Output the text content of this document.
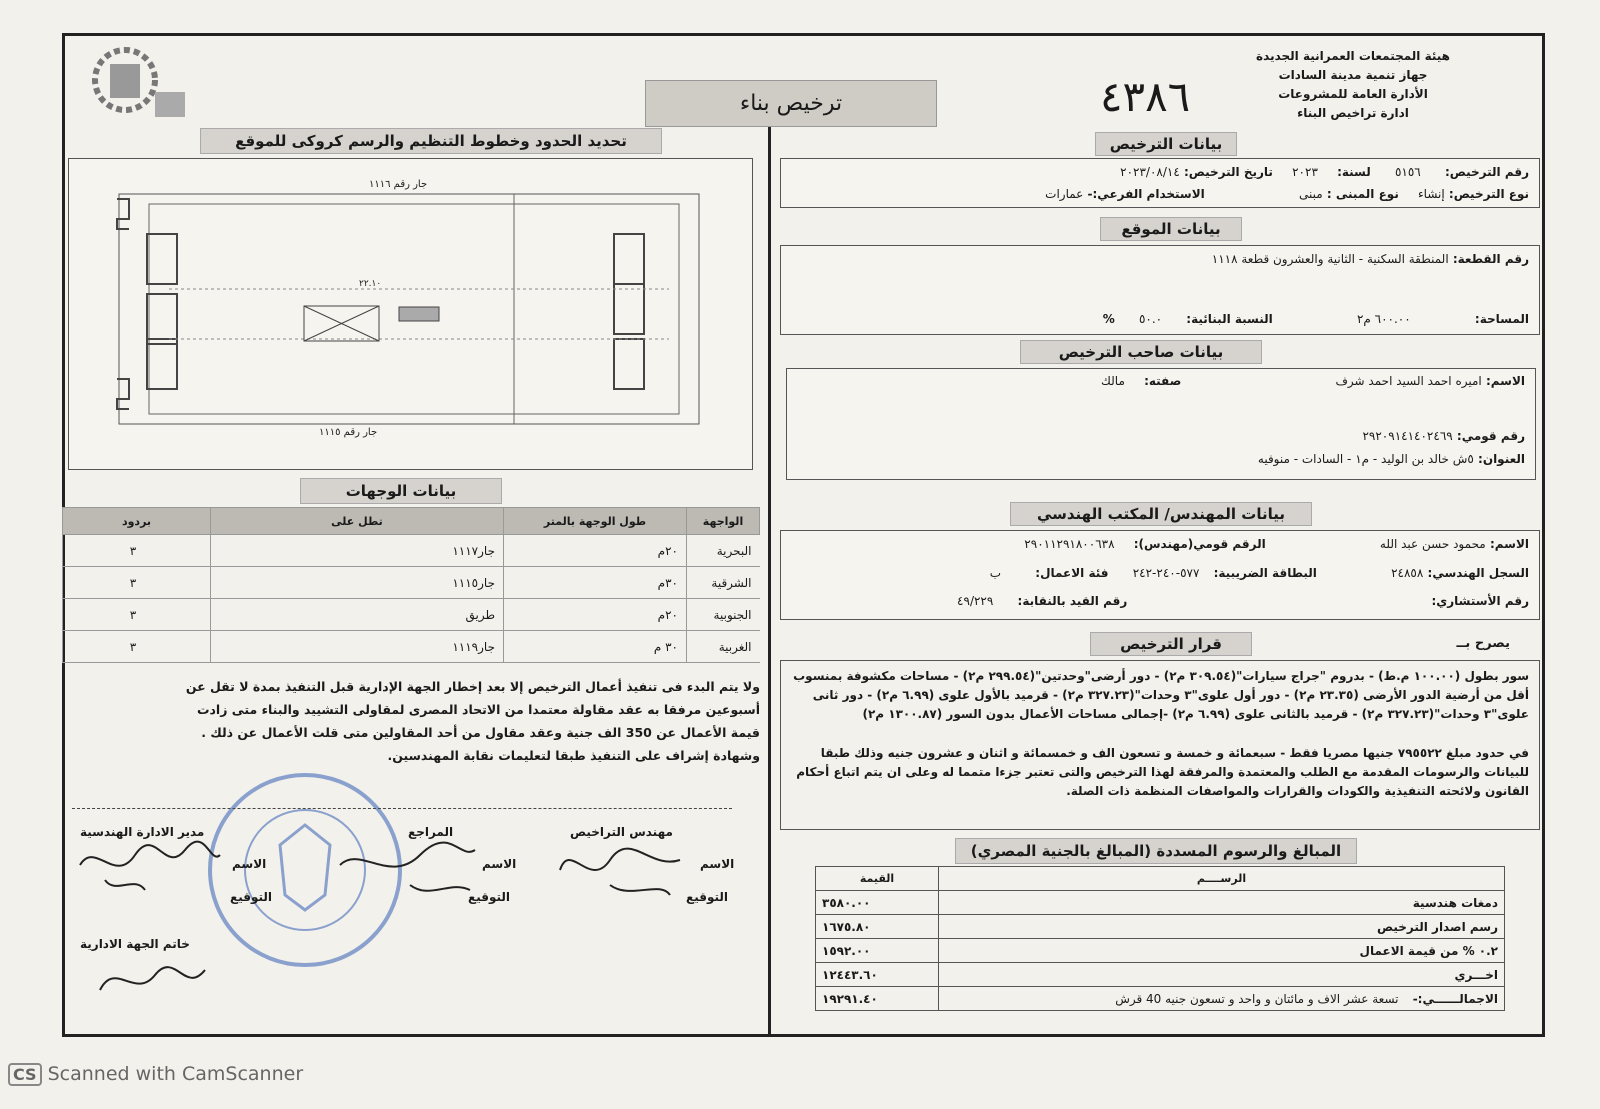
هيئة المجتمعات العمرانية الجديدة
جهاز تنمية مدينة السادات
الأدارة العامة للمشروعات
ادارة تراخيص البناء
٤٣٨٦
ترخيص بناء
تحديد الحدود وخطوط التنظيم والرسم كروكى للموقع
جار رقم ١١١٦
جار رقم ١١١٥
٢٢.١٠
بيانات الوجهات
الواجهة	طول الوجهة بالمتر	تطل على	بردود
البحرية	٢٠م	جار١١١٧	٣
الشرقية	٣٠م	جار١١١٥	٣
الجنوبية	٢٠م	طريق	٣
الغربية	٣٠ م	جار١١١٩	٣
ولا يتم البدء فى تنفيذ أعمال الترخيص إلا بعد إخطار الجهة الإدارية قبل التنفيذ بمدة لا تقل عن أسبوعين مرفقا به عقد مقاولة معتمدا من الاتحاد المصرى لمقاولى التشييد والبناء متى زادت قيمة الأعمال عن 350 الف جنية وعقد مقاول من أحد المقاولين متى قلت الأعمال عن ذلك . وشهادة إشراف على التنفيذ طبقا لتعليمات نقابة المهندسين.
مهندس التراخيص
الاسم
التوقيع
المراجع
الاسم
التوقيع
مدير الادارة الهندسية
الاسم
التوقيع
خاتم الجهة الادارية
بيانات الترخيص
رقم الترخيص: ٥١٥٦ لسنة: ٢٠٢٣ تاريخ الترخيص: ٢٠٢٣/٠٨/١٤
نوع الترخيص: إنشاء نوع المبنى : مبنى الاستخدام الفرعي:- عمارات
بيانات الموقع
رقم القطعة: المنطقة السكنية - الثانية والعشرون قطعة ١١١٨
المساحة: ٦٠٠.٠٠ م٢ النسبة البنائية: ٥٠.٠ %
بيانات صاحب الترخيص
الاسم: اميره احمد السيد احمد شرف صفته: مالك
رقم قومي: ٢٩٢٠٩١٤١٤٠٢٤٦٩
العنوان: ٥ش خالد بن الوليد - م١ - السادات - منوفيه
بيانات المهندس/ المكتب الهندسي
الاسم: محمود حسن عبد الله الرقم قومي(مهندس): ٢٩٠١١٢٩١٨٠٠٦٣٨
السجل الهندسي: ٢٤٨٥٨ البطاقة الضريبية: ٥٧٧-٢٤٠-٢٤٢ فئة الاعمال: ب
رقم الأستشاري: رقم القيد بالنقابة: ٤٩/٢٢٩
قرار الترخيص	يصرح بــ
سور بطول (١٠٠.٠٠ م.ط) - بدروم "جراج سيارات"(٣٠٩.٥٤ م٢) - دور أرضى"وحدتين"(٢٩٩.٥٤ م٢) - مساحات مكشوفة بمنسوب أقل من أرضية الدور الأرضى (٢٣.٣٥ م٢) - دور أول علوى"٣ وحدات"(٣٢٧.٢٣ م٢) - قرميد بالأول علوى (٦.٩٩ م٢) - دور ثانى علوى"٣ وحدات"(٣٢٧.٢٣ م٢) - قرميد بالثانى علوى (٦.٩٩ م٢) -إجمالى مساحات الأعمال بدون السور (١٣٠٠.٨٧ م٢)
في حدود مبلغ ٧٩٥٥٢٢ جنيها مصريا فقط - سبعمائة و خمسة و تسعون الف و خمسمائة و اثنان و عشرون جنيه وذلك طبقا للبيانات والرسومات المقدمة مع الطلب والمعتمدة والمرفقة لهذا الترخيص والتى تعتبر جزءا متمما له وعلى ان يتم اتباع أحكام القانون ولائحته التنفيذية والكودات والقرارات والمواصفات المنظمة ذات الصلة.
المبالغ والرسوم المسددة (المبالغ بالجنية المصري)
الرســــم	القيمة
دمغات هندسية	٣٥٨٠.٠٠
رسم اصدار الترخيص	١٦٧٥.٨٠
٠.٢ % من قيمة الاعمال	١٥٩٢.٠٠
اخـــري	١٢٤٤٣.٦٠
الاجمالــــــي:- تسعة عشر الاف و مائتان و واحد و تسعون جنيه 40 قرش	١٩٢٩١.٤٠
CS Scanned with CamScanner
